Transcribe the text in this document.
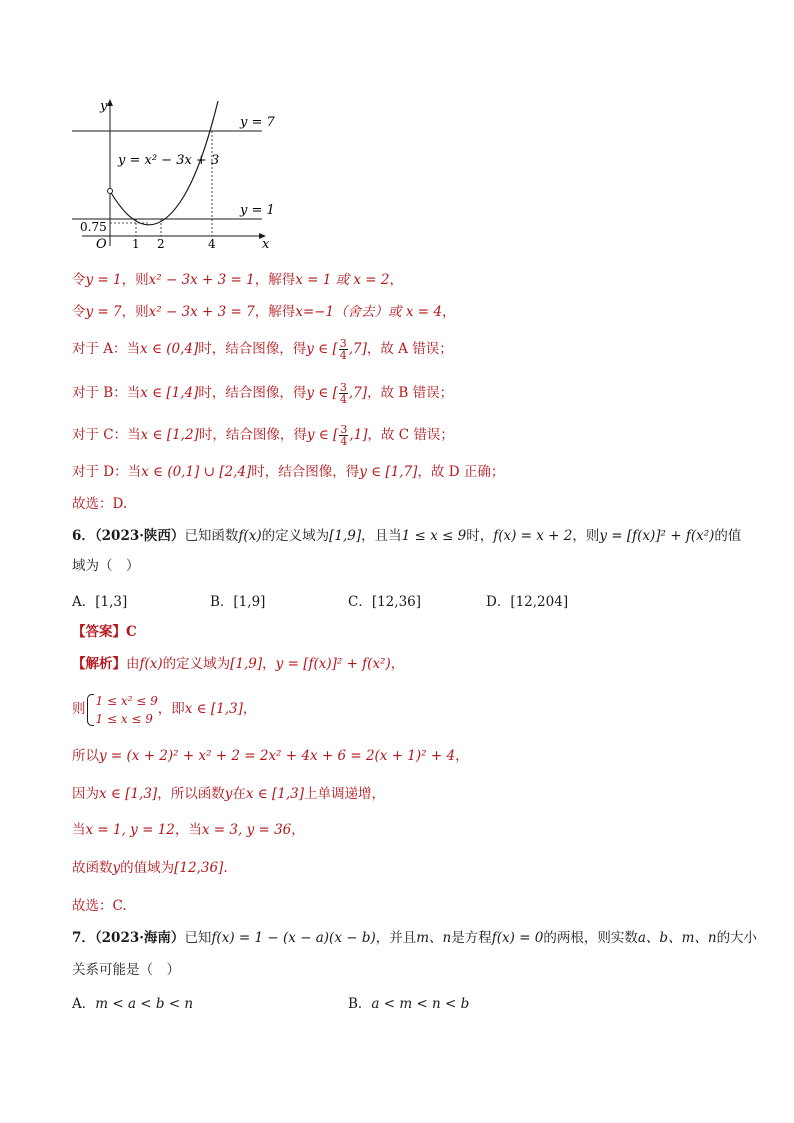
y
x
O
y = x² − 3x + 3
y = 7
y = 1
0.75
1 2	4
令y = 1，则x² − 3x + 3 = 1，解得x = 1 或 x = 2，
令y = 7，则x² − 3x + 3 = 7，解得x=−1（舍去）或 x = 4，
对于 A：当x ∈ (0,4]时，结合图像，得y ∈ [ $\frac{3}{4} ,7$]，故 A 错误；
对于 B：当x ∈ [1,4]时，结合图像，得y ∈ [ $\frac{3}{4} ,7$]，故 B 错误；
对于 C：当x ∈ [1,2]时，结合图像，得y ∈ [ $\frac{3}{4} ,1$]，故 C 错误；
对于 D：当x ∈ (0,1] ∪ [2,4]时，结合图像，得y ∈ [1,7]，故 D 正确；
故选：D.
6．（2023·陕西）已知函数f(x)的定义域为[1,9]，且当1 ≤ x ≤ 9时，f(x) = x + 2，则y = [f(x)]² + f(x²)的值
域为（　）
A．[1,3]	B．[1,9]	C．[12,36]	D．[12,204]
【答案】C
【解析】由f(x)的定义域为[1,9]，y = [f(x)]² + f(x²)，
则
1 ≤ x² ≤ 9
1 ≤ x ≤ 9
，即x ∈ [1,3]，
所以y = (x + 2)² + x² + 2 = 2x² + 4x + 6 = 2(x + 1)² + 4，
因为x ∈ [1,3]，所以函数y在x ∈ [1,3]上单调递增，
当x = 1, y = 12，当x = 3, y = 36，
故函数y的值域为[12,36].
故选：C.
7．（2023·海南）已知f(x) = 1 − (x − a)(x − b)，并且m、n是方程f(x) = 0的两根，则实数a、b、m、n的大小
关系可能是（　）
A．m < a < b < n	B．a < m < n < b
